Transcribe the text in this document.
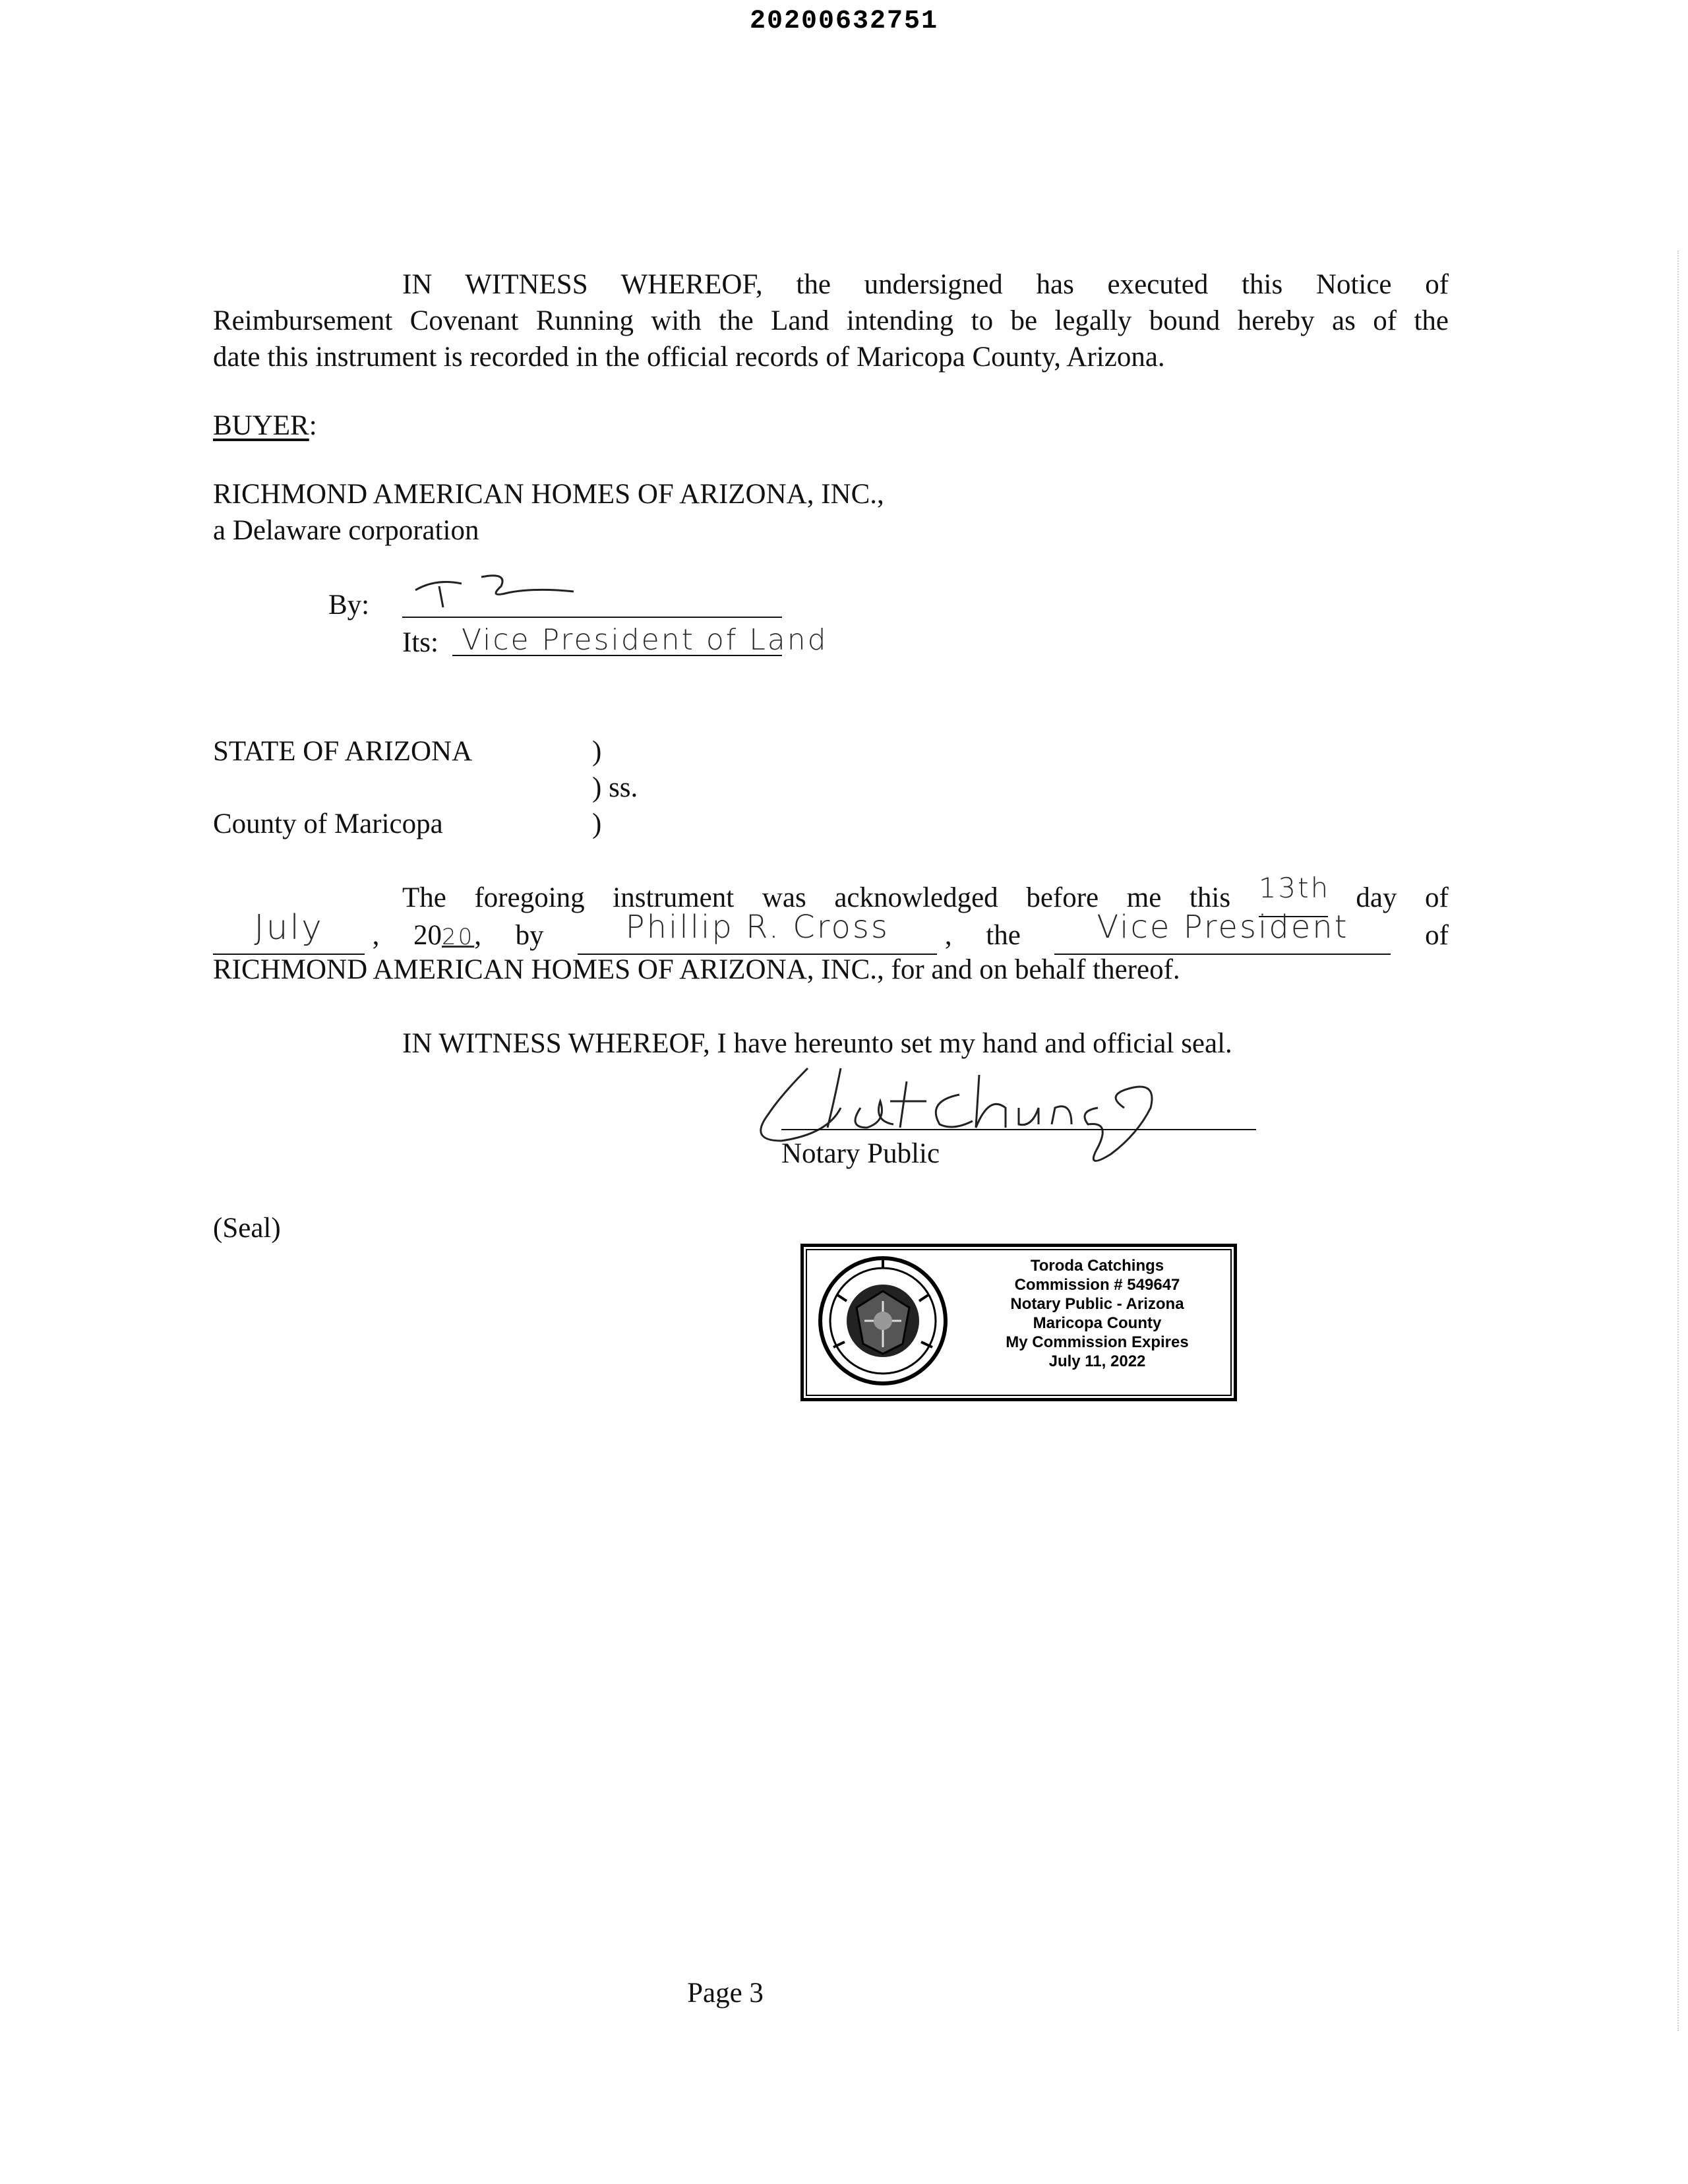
20200632751
IN WITNESS WHEREOF, the undersigned has executed this Notice of
Reimbursement Covenant Running with the Land intending to be legally bound hereby as of the
date this instrument is recorded in the official records of Maricopa County, Arizona.
BUYER:
RICHMOND AMERICAN HOMES OF ARIZONA, INC.,
a Delaware corporation
By:
Its: Vice President of Land
STATE OF ARIZONA	)
) ss.
County of Maricopa	)
The foregoing instrument was acknowledged before me this 13th day of
July	, 2020, by	Phillip R. Cross	, the	Vice President	of
RICHMOND AMERICAN HOMES OF ARIZONA, INC., for and on behalf thereof.
IN WITNESS WHEREOF, I have hereunto set my hand and official seal.
Notary Public
(Seal)
Toroda Catchings
Commission # 549647
Notary Public - Arizona
Maricopa County
My Commission Expires
July 11, 2022
Page 3
